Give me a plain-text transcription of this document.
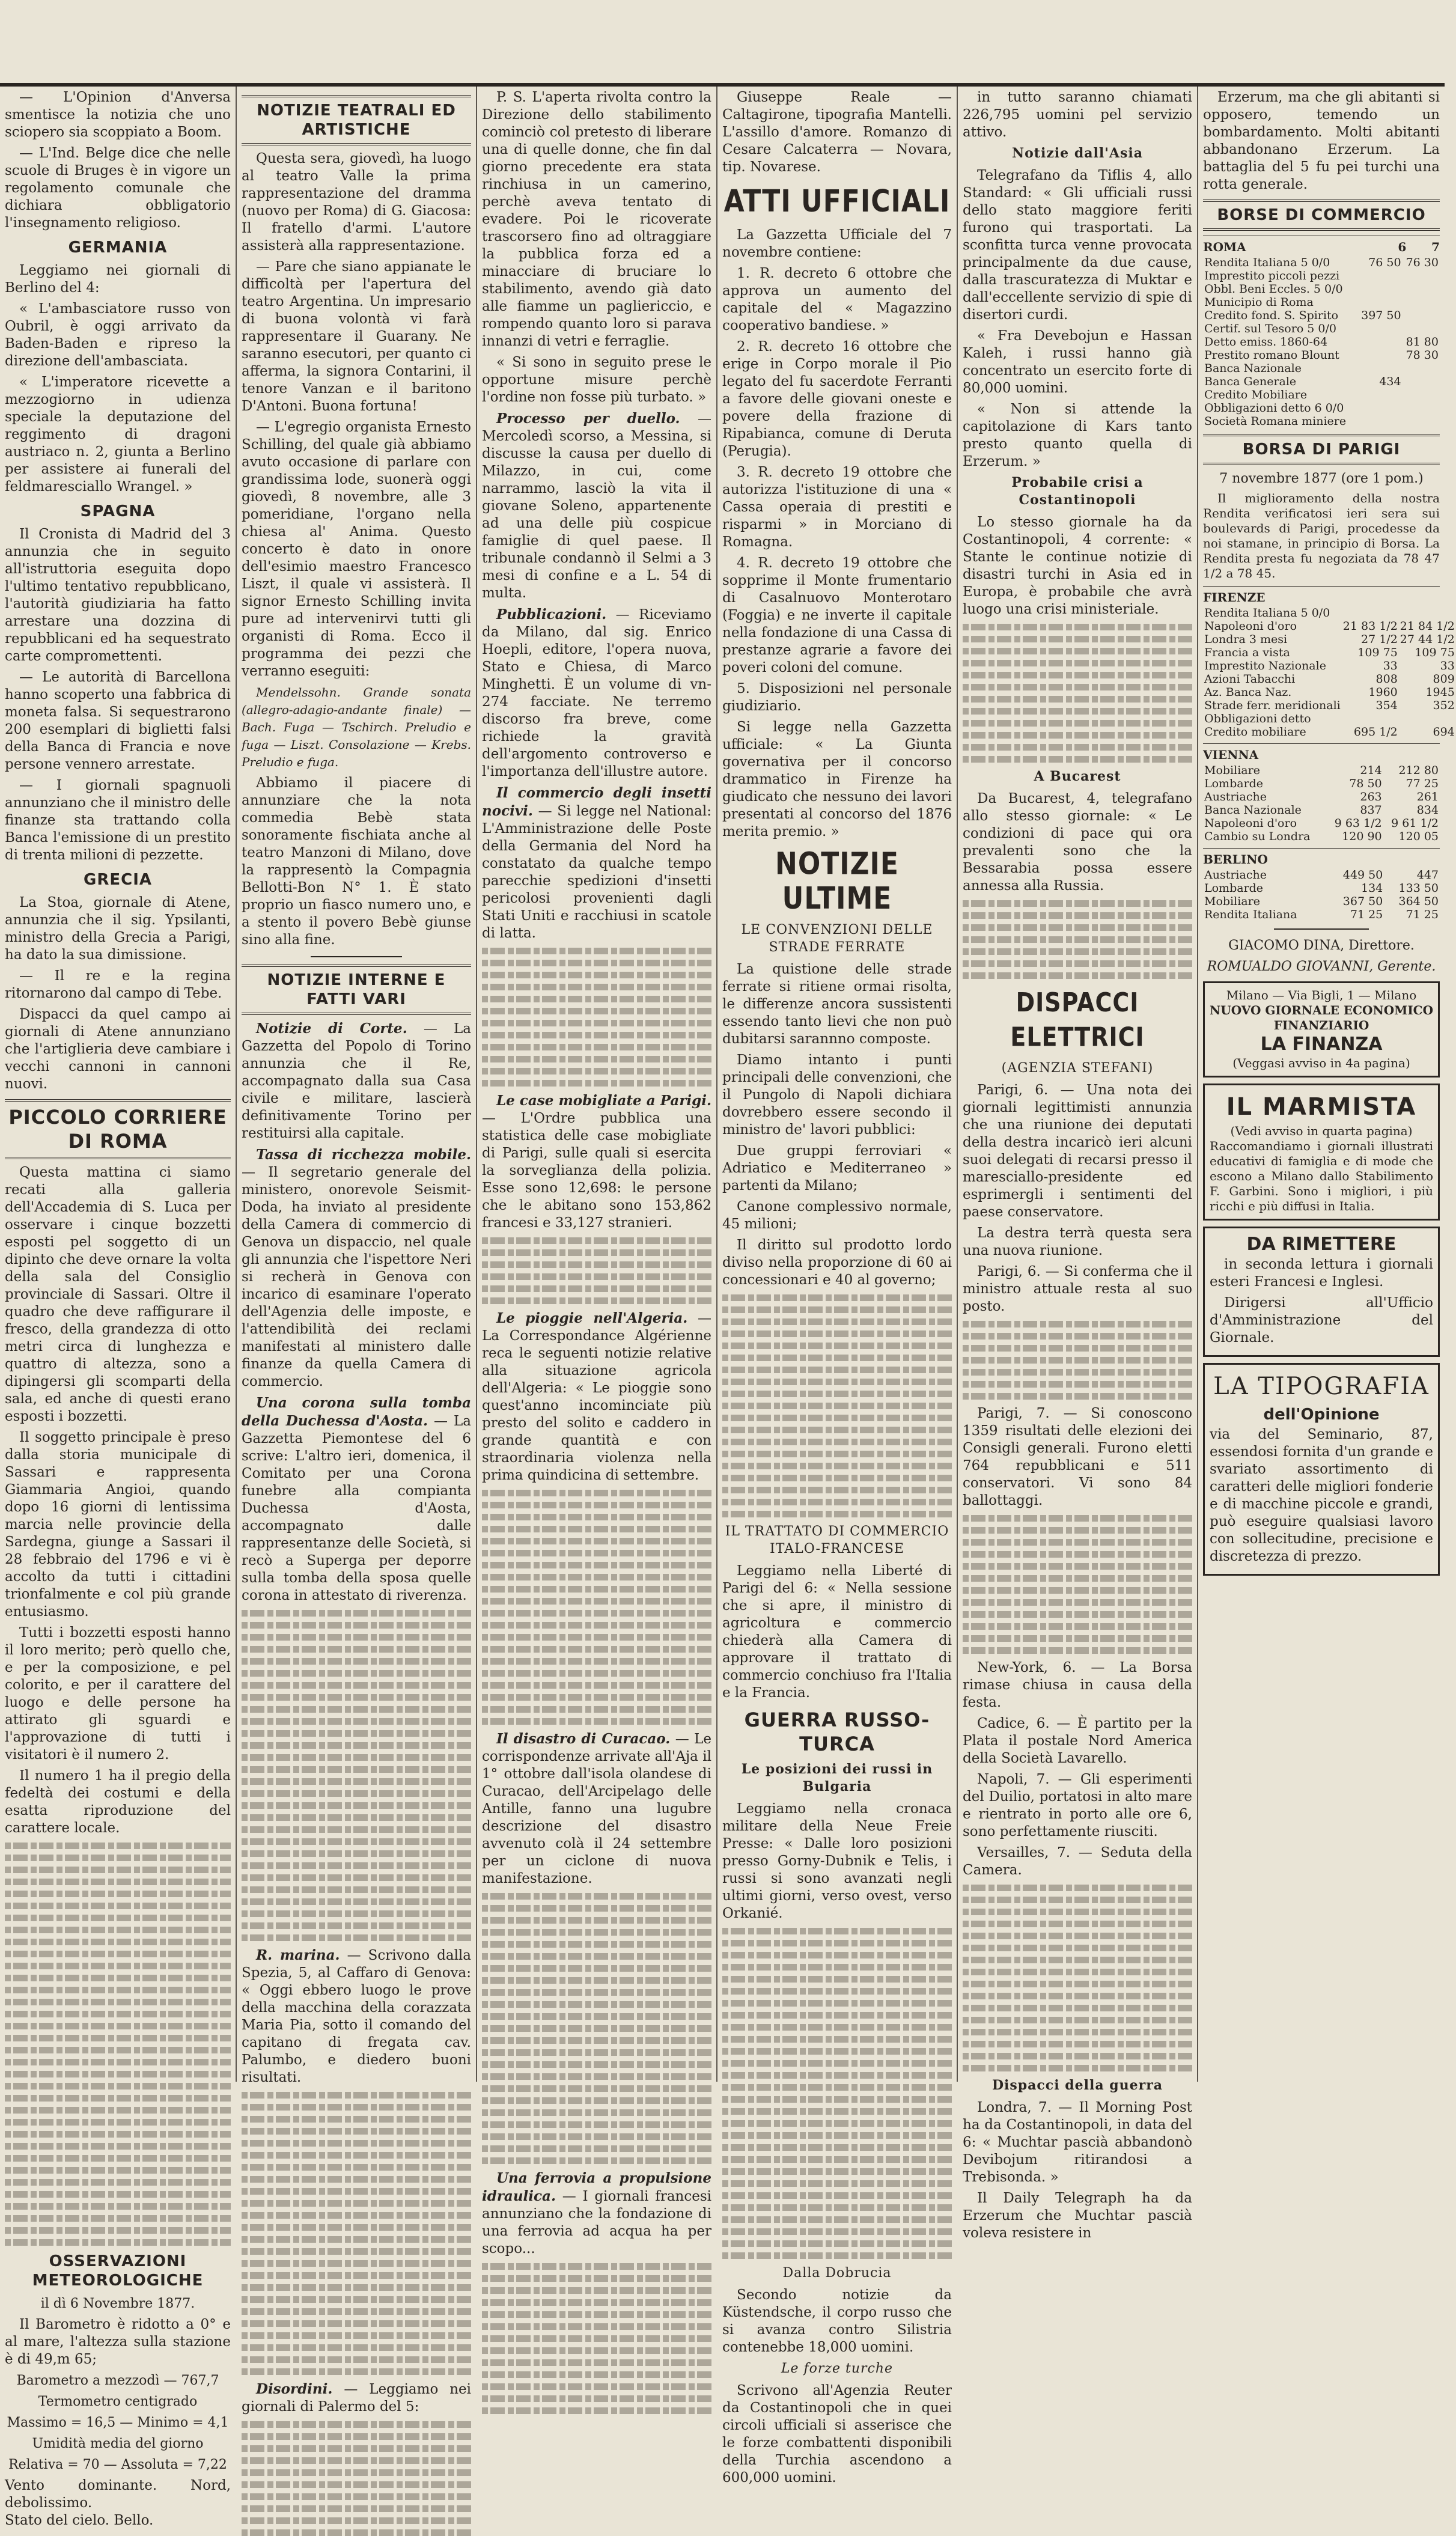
— L'Opinion d'Anversa smentisce la notizia che uno sciopero sia scoppiato a Boom.

— L'Ind. Belge dice che nelle scuole di Bruges è in vigore un regolamento comunale che dichiara obbligatorio l'insegnamento religioso.

GERMANIA

Leggiamo nei giornali di Berlino del 4:

« L'ambasciatore russo von Oubril, è oggi arrivato da Baden-Baden e ripreso la direzione dell'ambasciata.

« L'imperatore ricevette a mezzogiorno in udienza speciale la deputazione del reggimento di dragoni austriaco n. 2, giunta a Berlino per assistere ai funerali del feldmaresciallo Wrangel. »

SPAGNA

Il Cronista di Madrid del 3 annunzia che in seguito all'istruttoria eseguita dopo l'ultimo tentativo repubblicano, l'autorità giudiziaria ha fatto arrestare una dozzina di repubblicani ed ha sequestrato carte compromettenti.

— Le autorità di Barcellona hanno scoperto una fabbrica di moneta falsa. Si sequestrarono 200 esemplari di biglietti falsi della Banca di Francia e nove persone vennero arrestate.

— I giornali spagnuoli annunziano che il ministro delle finanze sta trattando colla Banca l'emissione di un prestito di trenta milioni di pezzette.

GRECIA

La Stoa, giornale di Atene, annunzia che il sig. Ypsilanti, ministro della Grecia a Parigi, ha dato la sua dimissione.

— Il re e la regina ritornarono dal campo di Tebe.

Dispacci da quel campo ai giornali di Atene annunziano che l'artiglieria deve cambiare i vecchi cannoni in cannoni nuovi.

PICCOLO CORRIERE DI ROMA

Questa mattina ci siamo recati alla galleria dell'Accademia di S. Luca per osservare i cinque bozzetti esposti pel soggetto di un dipinto che deve ornare la volta della sala del Consiglio provinciale di Sassari. Oltre il quadro che deve raffigurare il fresco, della grandezza di otto metri circa di lunghezza e quattro di altezza, sono a dipingersi gli scomparti della sala, ed anche di questi erano esposti i bozzetti.

Il soggetto principale è preso dalla storia municipale di Sassari e rappresenta Giammaria Angioi, quando dopo 16 giorni di lentissima marcia nelle provincie della Sardegna, giunge a Sassari il 28 febbraio del 1796 e vi è accolto da tutti i cittadini trionfalmente e col più grande entusiasmo.

Tutti i bozzetti esposti hanno il loro merito; però quello che, e per la composizione, e pel colorito, e per il carattere del luogo e delle persone ha attirato gli sguardi e l'approvazione di tutti i visitatori è il numero 2.

Il numero 1 ha il pregio della fedeltà dei costumi e della esatta riproduzione del carattere locale.

OSSERVAZIONI METEOROLOGICHE
il dì 6 Novembre 1877.

Il Barometro è ridotto a 0° e al mare, l'altezza sulla stazione è di 49,m 65;

Barometro a mezzodì — 767,7
Termometro centigrado
Massimo = 16,5 — Minimo = 4,1
Umidità media del giorno
Relativa = 70 — Assoluta = 7,22
Vento dominante. Nord, debolissimo.
Stato del cielo. Bello.
NOTIZIE TEATRALI ED ARTISTICHE

Questa sera, giovedì, ha luogo al teatro Valle la prima rappresentazione del dramma (nuovo per Roma) di G. Giacosa: Il fratello d'armi. L'autore assisterà alla rappresentazione.

— Pare che siano appianate le difficoltà per l'apertura del teatro Argentina. Un impresario di buona volontà vi farà rappresentare il Guarany. Ne saranno esecutori, per quanto ci afferma, la signora Contarini, il tenore Vanzan e il baritono D'Antoni. Buona fortuna!

— L'egregio organista Ernesto Schilling, del quale già abbiamo avuto occasione di parlare con grandissima lode, suonerà oggi giovedì, 8 novembre, alle 3 pomeridiane, l'organo nella chiesa al' Anima. Questo concerto è dato in onore dell'esimio maestro Francesco Liszt, il quale vi assisterà. Il signor Ernesto Schilling invita pure ad intervenirvi tutti gli organisti di Roma. Ecco il programma dei pezzi che verranno eseguiti:

Mendelssohn. Grande sonata (allegro-adagio-andante finale) — Bach. Fuga — Tschirch. Preludio e fuga — Liszt. Consolazione — Krebs. Preludio e fuga.

Abbiamo il piacere di annunziare che la nota commedia Bebè stata sonoramente fischiata anche al teatro Manzoni di Milano, dove la rappresentò la Compagnia Bellotti-Bon N° 1. È stato proprio un fiasco numero uno, e a stento il povero Bebè giunse sino alla fine.

NOTIZIE INTERNE E FATTI VARI

Notizie di Corte. — La Gazzetta del Popolo di Torino annunzia che il Re, accompagnato dalla sua Casa civile e militare, lascierà definitivamente Torino per restituirsi alla capitale.

Tassa di ricchezza mobile. — Il segretario generale del ministero, onorevole Seismit-Doda, ha inviato al presidente della Camera di commercio di Genova un dispaccio, nel quale gli annunzia che l'ispettore Neri si recherà in Genova con incarico di esaminare l'operato dell'Agenzia delle imposte, e l'attendibilità dei reclami manifestati al ministero dalle finanze da quella Camera di commercio.

Una corona sulla tomba della Duchessa d'Aosta. — La Gazzetta Piemontese del 6 scrive: L'altro ieri, domenica, il Comitato per una Corona funebre alla compianta Duchessa d'Aosta, accompagnato dalle rappresentanze delle Società, si recò a Superga per deporre sulla tomba della sposa quelle corona in attestato di riverenza.

R. marina. — Scrivono dalla Spezia, 5, al Caffaro di Genova: « Oggi ebbero luogo le prove della macchina della corazzata Maria Pia, sotto il comando del capitano di fregata cav. Palumbo, e diedero buoni risultati.

Disordini. — Leggiamo nei giornali di Palermo del 5:

P. S. L'aperta rivolta contro la Direzione dello stabilimento cominciò col pretesto di liberare una di quelle donne, che fin dal giorno precedente era stata rinchiusa in un camerino, perchè aveva tentato di evadere. Poi le ricoverate trascorsero fino ad oltraggiare la pubblica forza ed a minacciare di bruciare lo stabilimento, avendo già dato alle fiamme un pagliericcio, e rompendo quanto loro si parava innanzi di vetri e ferraglie.

« Si sono in seguito prese le opportune misure perchè l'ordine non fosse più turbato. »

Processo per duello. — Mercoledì scorso, a Messina, si discusse la causa per duello di Milazzo, in cui, come narrammo, lasciò la vita il giovane Soleno, appartenente ad una delle più cospicue famiglie di quel paese. Il tribunale condannò il Selmi a 3 mesi di confine e a L. 54 di multa.

Pubblicazioni. — Riceviamo da Milano, dal sig. Enrico Hoepli, editore, l'opera nuova, Stato e Chiesa, di Marco Minghetti. È un volume di vn-274 facciate. Ne terremo discorso fra breve, come richiede la gravità dell'argomento controverso e l'importanza dell'illustre autore.

Il commercio degli insetti nocivi. — Si legge nel National: L'Amministrazione delle Poste della Germania del Nord ha constatato da qualche tempo parecchie spedizioni d'insetti pericolosi provenienti dagli Stati Uniti e racchiusi in scatole di latta.

Le case mobigliate a Parigi. — L'Ordre pubblica una statistica delle case mobigliate di Parigi, sulle quali si esercita la sorveglianza della polizia. Esse sono 12,698: le persone che le abitano sono 153,862 francesi e 33,127 stranieri.

Le pioggie nell'Algeria. — La Correspondance Algérienne reca le seguenti notizie relative alla situazione agricola dell'Algeria: « Le pioggie sono quest'anno incominciate più presto del solito e caddero in grande quantità e con straordinaria violenza nella prima quindicina di settembre.

Il disastro di Curacao. — Le corrispondenze arrivate all'Aja il 1° ottobre dall'isola olandese di Curacao, dell'Arcipelago delle Antille, fanno una lugubre descrizione del disastro avvenuto colà il 24 settembre per un ciclone di nuova manifestazione.

Una ferrovia a propulsione idraulica. — I giornali francesi annunziano che la fondazione di una ferrovia ad acqua ha per scopo...

Giuseppe Reale — Caltagirone, tipografia Mantelli. L'assillo d'amore. Romanzo di Cesare Calcaterra — Novara, tip. Novarese.

ATTI UFFICIALI

La Gazzetta Ufficiale del 7 novembre contiene:

1. R. decreto 6 ottobre che approva un aumento del capitale del « Magazzino cooperativo bandiese. »

2. R. decreto 16 ottobre che erige in Corpo morale il Pio legato del fu sacerdote Ferranti a favore delle giovani oneste e povere della frazione di Ripabianca, comune di Deruta (Perugia).

3. R. decreto 19 ottobre che autorizza l'istituzione di una « Cassa operaia di prestiti e risparmi » in Morciano di Romagna.

4. R. decreto 19 ottobre che sopprime il Monte frumentario di Casalnuovo Monterotaro (Foggia) e ne inverte il capitale nella fondazione di una Cassa di prestanze agrarie a favore dei poveri coloni del comune.

5. Disposizioni nel personale giudiziario.

Si legge nella Gazzetta ufficiale: « La Giunta governativa per il concorso drammatico in Firenze ha giudicato che nessuno dei lavori presentati al concorso del 1876 merita premio. »

NOTIZIE ULTIME
LE CONVENZIONI DELLE STRADE FERRATE

La quistione delle strade ferrate si ritiene ormai risolta, le differenze ancora sussistenti essendo tanto lievi che non può dubitarsi sarannno composte.

Diamo intanto i punti principali delle convenzioni, che il Pungolo di Napoli dichiara dovrebbero essere secondo il ministro de' lavori pubblici:

Due gruppi ferroviari « Adriatico e Mediterraneo » partenti da Milano;

Canone complessivo normale, 45 milioni;

Il diritto sul prodotto lordo diviso nella proporzione di 60 ai concessionari e 40 al governo;

IL TRATTATO DI COMMERCIO ITALO-FRANCESE

Leggiamo nella Liberté di Parigi del 6: « Nella sessione che si apre, il ministro di agricoltura e commercio chiederà alla Camera di approvare il trattato di commercio conchiuso fra l'Italia e la Francia.

GUERRA RUSSO-TURCA
Le posizioni dei russi in Bulgaria

Leggiamo nella cronaca militare della Neue Freie Presse: « Dalle loro posizioni presso Gorny-Dubnik e Telis, i russi si sono avanzati negli ultimi giorni, verso ovest, verso Orkanié.

Dalla Dobrucia

Secondo notizie da Küstendsche, il corpo russo che si avanza contro Silistria contenebbe 18,000 uomini.

Le forze turche

Scrivono all'Agenzia Reuter da Costantinopoli che in quei circoli ufficiali si asserisce che le forze combattenti disponibili della Turchia ascendono a 600,000 uomini.

in tutto saranno chiamati 226,795 uomini pel servizio attivo.

Notizie dall'Asia

Telegrafano da Tiflis 4, allo Standard: « Gli ufficiali russi dello stato maggiore feriti furono qui trasportati. La sconfitta turca venne provocata principalmente da due cause, dalla trascuratezza di Muktar e dall'eccellente servizio di spie di disertori curdi.

« Fra Devebojun e Hassan Kaleh, i russi hanno già concentrato un esercito forte di 80,000 uomini.

« Non si attende la capitolazione di Kars tanto presto quanto quella di Erzerum. »

Probabile crisi a Costantinopoli

Lo stesso giornale ha da Costantinopoli, 4 corrente: « Stante le continue notizie di disastri turchi in Asia ed in Europa, è probabile che avrà luogo una crisi ministeriale.

A Bucarest

Da Bucarest, 4, telegrafano allo stesso giornale: « Le condizioni di pace qui ora prevalenti sono che la Bessarabia possa essere annessa alla Russia.

DISPACCI ELETTRICI
(AGENZIA STEFANI)

Parigi, 6. — Una nota dei giornali legittimisti annunzia che una riunione dei deputati della destra incaricò ieri alcuni suoi delegati di recarsi presso il maresciallo-presidente ed esprimergli i sentimenti del paese conservatore.

La destra terrà questa sera una nuova riunione.

Parigi, 6. — Si conferma che il ministro attuale resta al suo posto.

Parigi, 7. — Si conoscono 1359 risultati delle elezioni dei Consigli generali. Furono eletti 764 repubblicani e 511 conservatori. Vi sono 84 ballottaggi.

New-York, 6. — La Borsa rimase chiusa in causa della festa.

Cadice, 6. — È partito per la Plata il postale Nord America della Società Lavarello.

Napoli, 7. — Gli esperimenti del Duilio, portatosi in alto mare e rientrato in porto alle ore 6, sono perfettamente riusciti.

Versailles, 7. — Seduta della Camera.

Dispacci della guerra

Londra, 7. — Il Morning Post ha da Costantinopoli, in data del 6: « Muchtar pascià abbandonò Devibojum ritirandosi a Trebisonda. »

Il Daily Telegraph ha da Erzerum che Muchtar pascià voleva resistere in

Erzerum, ma che gli abitanti si opposero, temendo un bombardamento. Molti abitanti abbandonano Erzerum. La battaglia del 5 fu pei turchi una rotta generale.

BORSE DI COMMERCIO
ROMA	6 7
Rendita Italiana 5 0/0	76 50	76 30
Imprestito piccoli pezzi		
Obbl. Beni Eccles. 5 0/0		
Municipio di Roma		
Credito fond. S. Spirito	397 50	
Certif. sul Tesoro 5 0/0		
Detto emiss. 1860-64		81 80
Prestito romano Blount		78 30
Banca Nazionale		
Banca Generale	434	
Credito Mobiliare		
Obbligazioni detto 6 0/0		
Società Romana miniere		
BORSA DI PARIGI
7 novembre 1877 (ore 1 pom.)

Il miglioramento della nostra Rendita verificatosi ieri sera sui boulevards di Parigi, procedesse da noi stamane, in principio di Borsa. La Rendita presta fu negoziata da 78 47 1/2 a 78 45.

FIRENZE
Rendita Italiana 5 0/0		
Napoleoni d'oro	21 83 1/2	21 84 1/2
Londra 3 mesi	27 1/2	27 44 1/2
Francia a vista	109 75	109 75
Imprestito Nazionale	33	33
Azioni Tabacchi	808	809
Az. Banca Naz.	1960	1945
Strade ferr. meridionali	354	352
Obbligazioni detto		
Credito mobiliare	695 1/2	694
VIENNA
Mobiliare	214	212 80
Lombarde	78 50	77 25
Austriache	263	261
Banca Nazionale	837	834
Napoleoni d'oro	9 63 1/2	9 61 1/2
Cambio su Londra	120 90	120 05
BERLINO
Austriache	449 50	447
Lombarde	134	133 50
Mobiliare	367 50	364 50
Rendita Italiana	71 25	71 25
GIACOMO DINA, Direttore.
ROMUALDO GIOVANNI, Gerente.
Milano — Via Bigli, 1 — Milano
NUOVO GIORNALE ECONOMICO FINANZIARIO
LA FINANZA
(Veggasi avviso in 4a pagina)
IL MARMISTA
(Vedi avviso in quarta pagina)
Raccomandiamo i giornali illustrati educativi di famiglia e di mode che escono a Milano dallo Stabilimento F. Garbini. Sono i migliori, i più ricchi e più diffusi in Italia.
DA RIMETTERE

in seconda lettura i giornali esteri Francesi e Inglesi.

Dirigersi all'Ufficio d'Amministrazione del Giornale.

LA TIPOGRAFIA
dell'Opinione

via del Seminario, 87, essendosi fornita d'un grande e svariato assortimento di caratteri delle migliori fonderie e di macchine piccole e grandi, può eseguire qualsiasi lavoro con sollecitudine, precisione e discretezza di prezzo.
